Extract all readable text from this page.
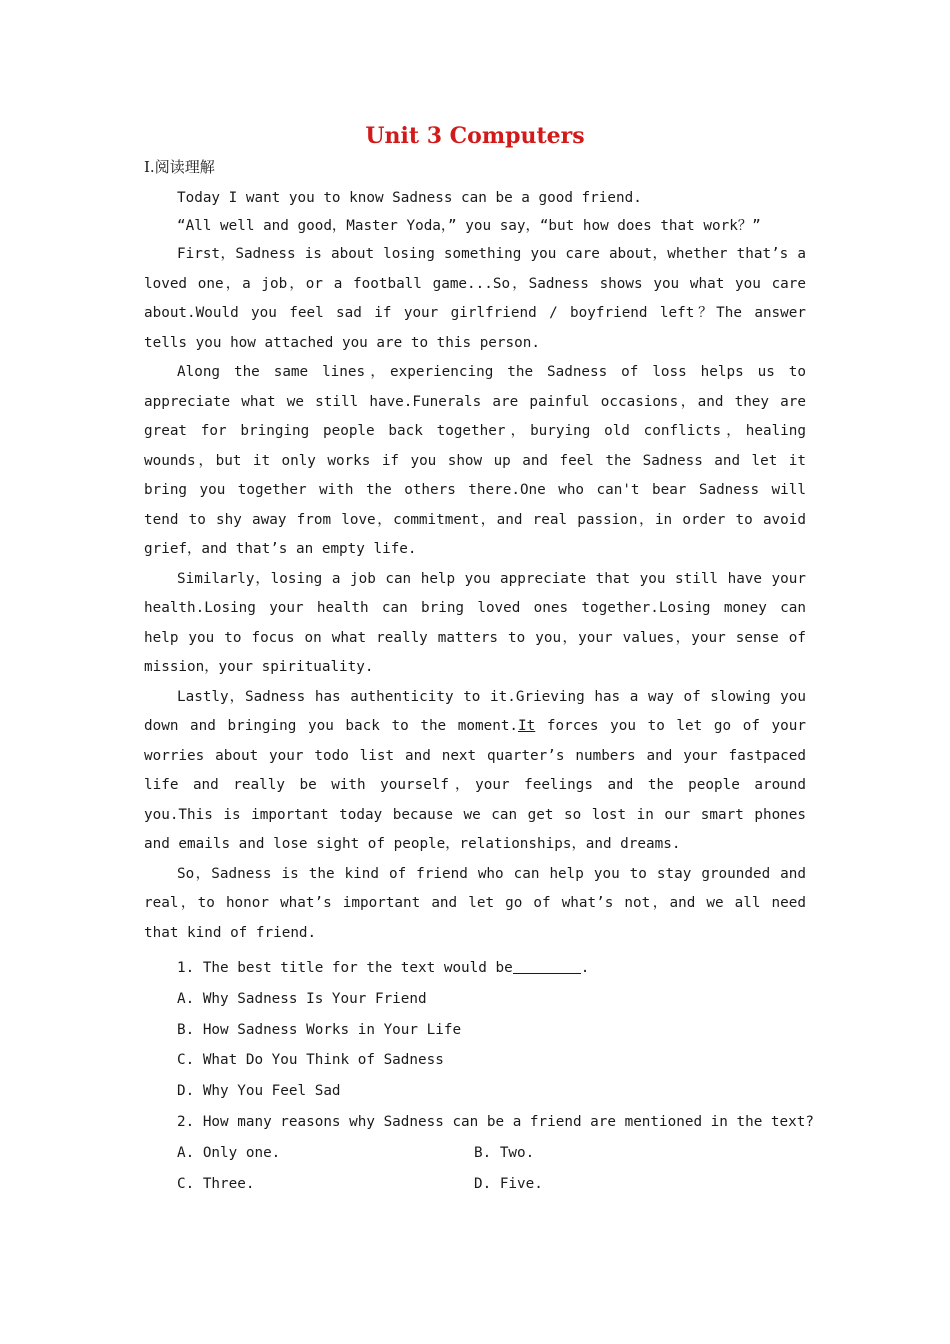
Unit 3 Computers
I.阅读理解

Today I want you to know Sadness can be a good friend.

“All well and good，Master Yoda，” you say，“but how does that work？”

First，Sadness is about losing something you care about，whether that’s a loved one，a job，or a football game...So，Sadness shows you what you care about.Would you feel sad if your girlfriend / boyfriend left？The answer tells you how attached you are to this person.

Along the same lines，experiencing the Sadness of loss helps us to appreciate what we still have.Funerals are painful occasions，and they are great for bringing people back together，burying old conflicts，healing wounds，but it only works if you show up and feel the Sadness and let it bring you together with the others there.One who can't bear Sadness will tend to shy away from love，commitment，and real passion，in order to avoid grief，and that’s an empty life.

Similarly，losing a job can help you appreciate that you still have your health.Losing your health can bring loved ones together.Losing money can help you to focus on what really matters to you，your values，your sense of mission，your spirituality.

Lastly，Sadness has authenticity to it.Grieving has a way of slowing you down and bringing you back to the moment.It forces you to let go of your worries about your todo list and next quarter’s numbers and your fastpaced life and really be with yourself，your feelings and the people around you.This is important today because we can get so lost in our smart phones and emails and lose sight of people，relationships，and dreams.

So，Sadness is the kind of friend who can help you to stay grounded and real，to honor what’s important and let go of what’s not，and we all need that kind of friend.

1. The best title for the text would be	.
A. Why Sadness Is Your Friend
B. How Sadness Works in Your Life
C. What Do You Think of Sadness
D. Why You Feel Sad
2. How many reasons why Sadness can be a friend are mentioned in the text?
A. Only one.	B. Two.
C. Three.	D. Five.
